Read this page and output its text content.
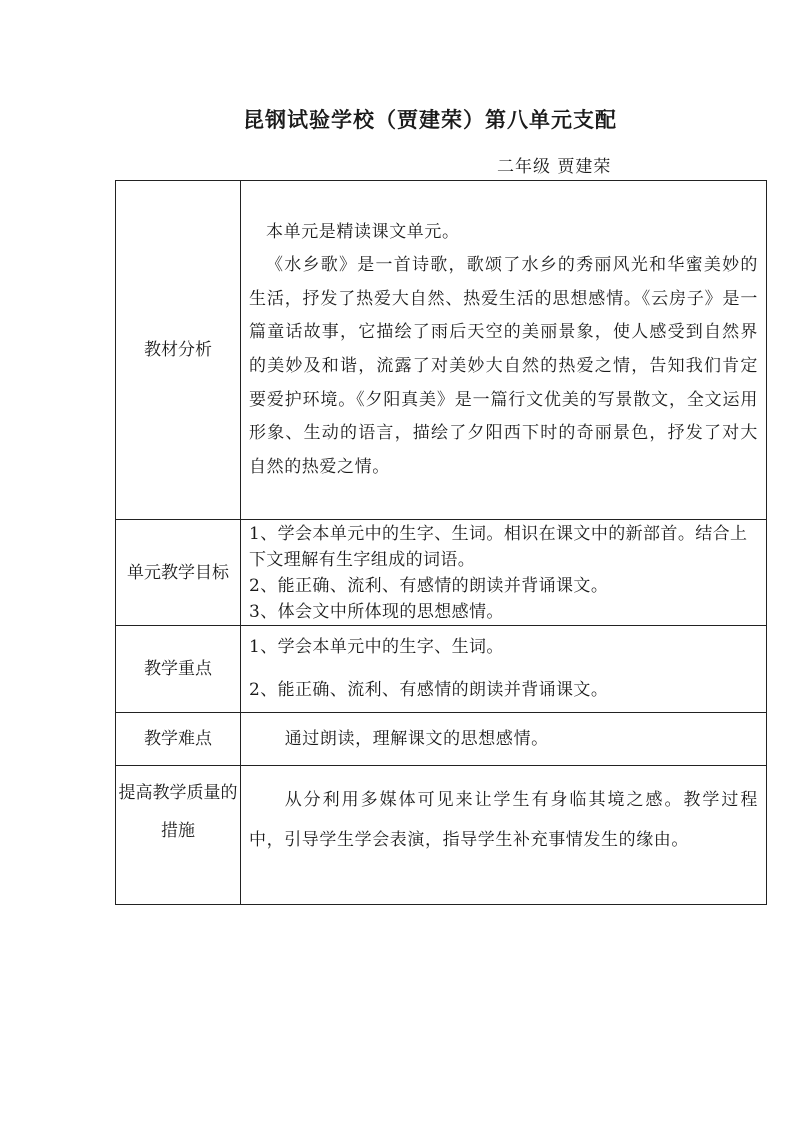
昆钢试验学校（贾建荣）第八单元支配
二年级 贾建荣
教材分析	本单元是精读课文单元。

《水乡歌》是一首诗歌，歌颂了水乡的秀丽风光和华蜜美妙的生活，抒发了热爱大自然、热爱生活的思想感情。《云房子》是一篇童话故事，它描绘了雨后天空的美丽景象，使人感受到自然界的美妙及和谐，流露了对美妙大自然的热爱之情，告知我们肯定要爱护环境。《夕阳真美》是一篇行文优美的写景散文，全文运用形象、生动的语言，描绘了夕阳西下时的奇丽景色，抒发了对大自然的热爱之情。

单元教学目标	1、学会本单元中的生字、生词。相识在课文中的新部首。结合上下文理解有生字组成的词语。

2、能正确、流利、有感情的朗读并背诵课文。

3、体会文中所体现的思想感情。

教学重点	1、学会本单元中的生字、生词。

2、能正确、流利、有感情的朗读并背诵课文。

教学难点	通过朗读，理解课文的思想感情。

提高教学质量的措施	从分利用多媒体可见来让学生有身临其境之感。教学过程中，引导学生学会表演，指导学生补充事情发生的缘由。
